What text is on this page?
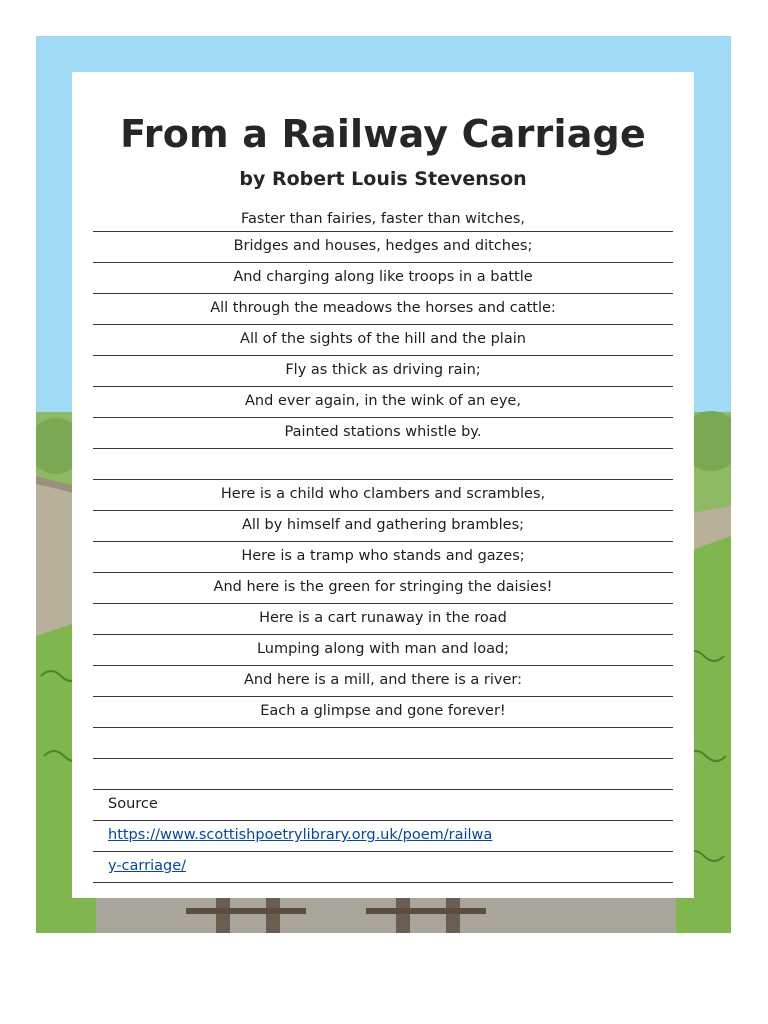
From a Railway Carriage
by Robert Louis Stevenson
Faster than fairies, faster than witches,
Bridges and houses, hedges and ditches;
And charging along like troops in a battle
All through the meadows the horses and cattle:
All of the sights of the hill and the plain
Fly as thick as driving rain;
And ever again, in the wink of an eye,
Painted stations whistle by.
Here is a child who clambers and scrambles,
All by himself and gathering brambles;
Here is a tramp who stands and gazes;
And here is the green for stringing the daisies!
Here is a cart runaway in the road
Lumping along with man and load;
And here is a mill, and there is a river:
Each a glimpse and gone forever!
Source
https://www.scottishpoetrylibrary.org.uk/poem/railwa
y-carriage/
